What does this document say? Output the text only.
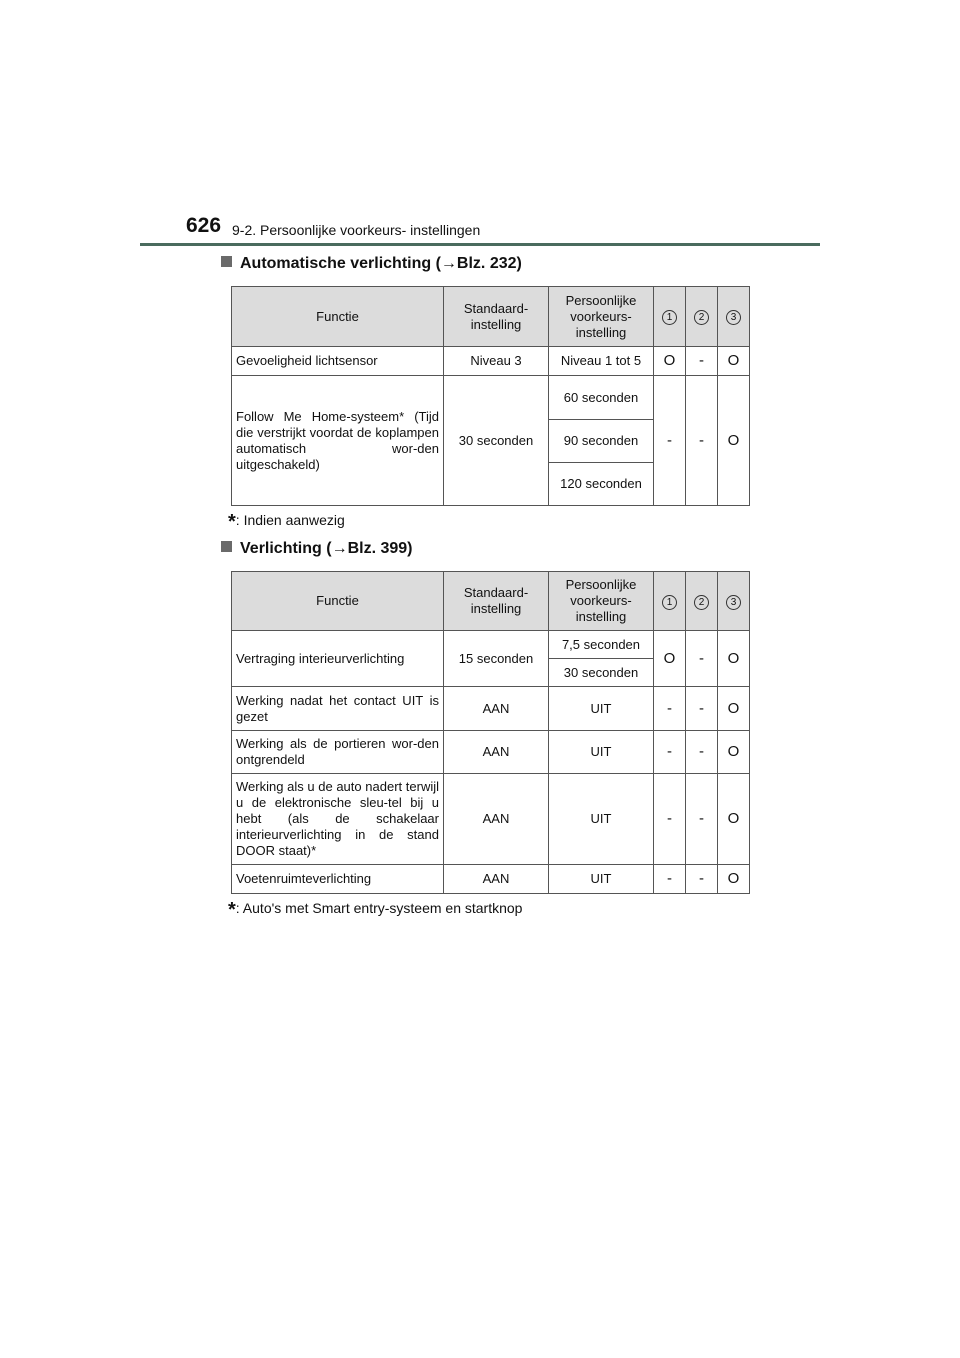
626 9-2. Persoonlijke voorkeurs- instellingen
Automatische verlichting (→Blz. 232)
Functie	Standaard-instelling	Persoonlijke voorkeurs-instelling	1	2	3
Gevoeligheid lichtsensor	Niveau 3	Niveau 1 tot 5	O	-	O
Follow Me Home-systeem* (Tijd die verstrijkt voordat de koplampen automatisch wor-den uitgeschakeld)	30 seconden	60 seconden	-	-	O
		90 seconden			
		120 seconden			
*: Indien aanwezig
Verlichting (→Blz. 399)
Functie	Standaard-instelling	Persoonlijke voorkeurs-instelling	1	2	3
Vertraging interieurverlichting	15 seconden	7,5 seconden	O	-	O
		30 seconden			
Werking nadat het contact UIT is gezet	AAN	UIT	-	-	O
Werking als de portieren wor-den ontgrendeld	AAN	UIT	-	-	O
Werking als u de auto nadert terwijl u de elektronische sleu-tel bij u hebt (als de schakelaar interieurverlichting in de stand DOOR staat)*	AAN	UIT	-	-	O
Voetenruimteverlichting	AAN	UIT	-	-	O
*: Auto's met Smart entry-systeem en startknop
